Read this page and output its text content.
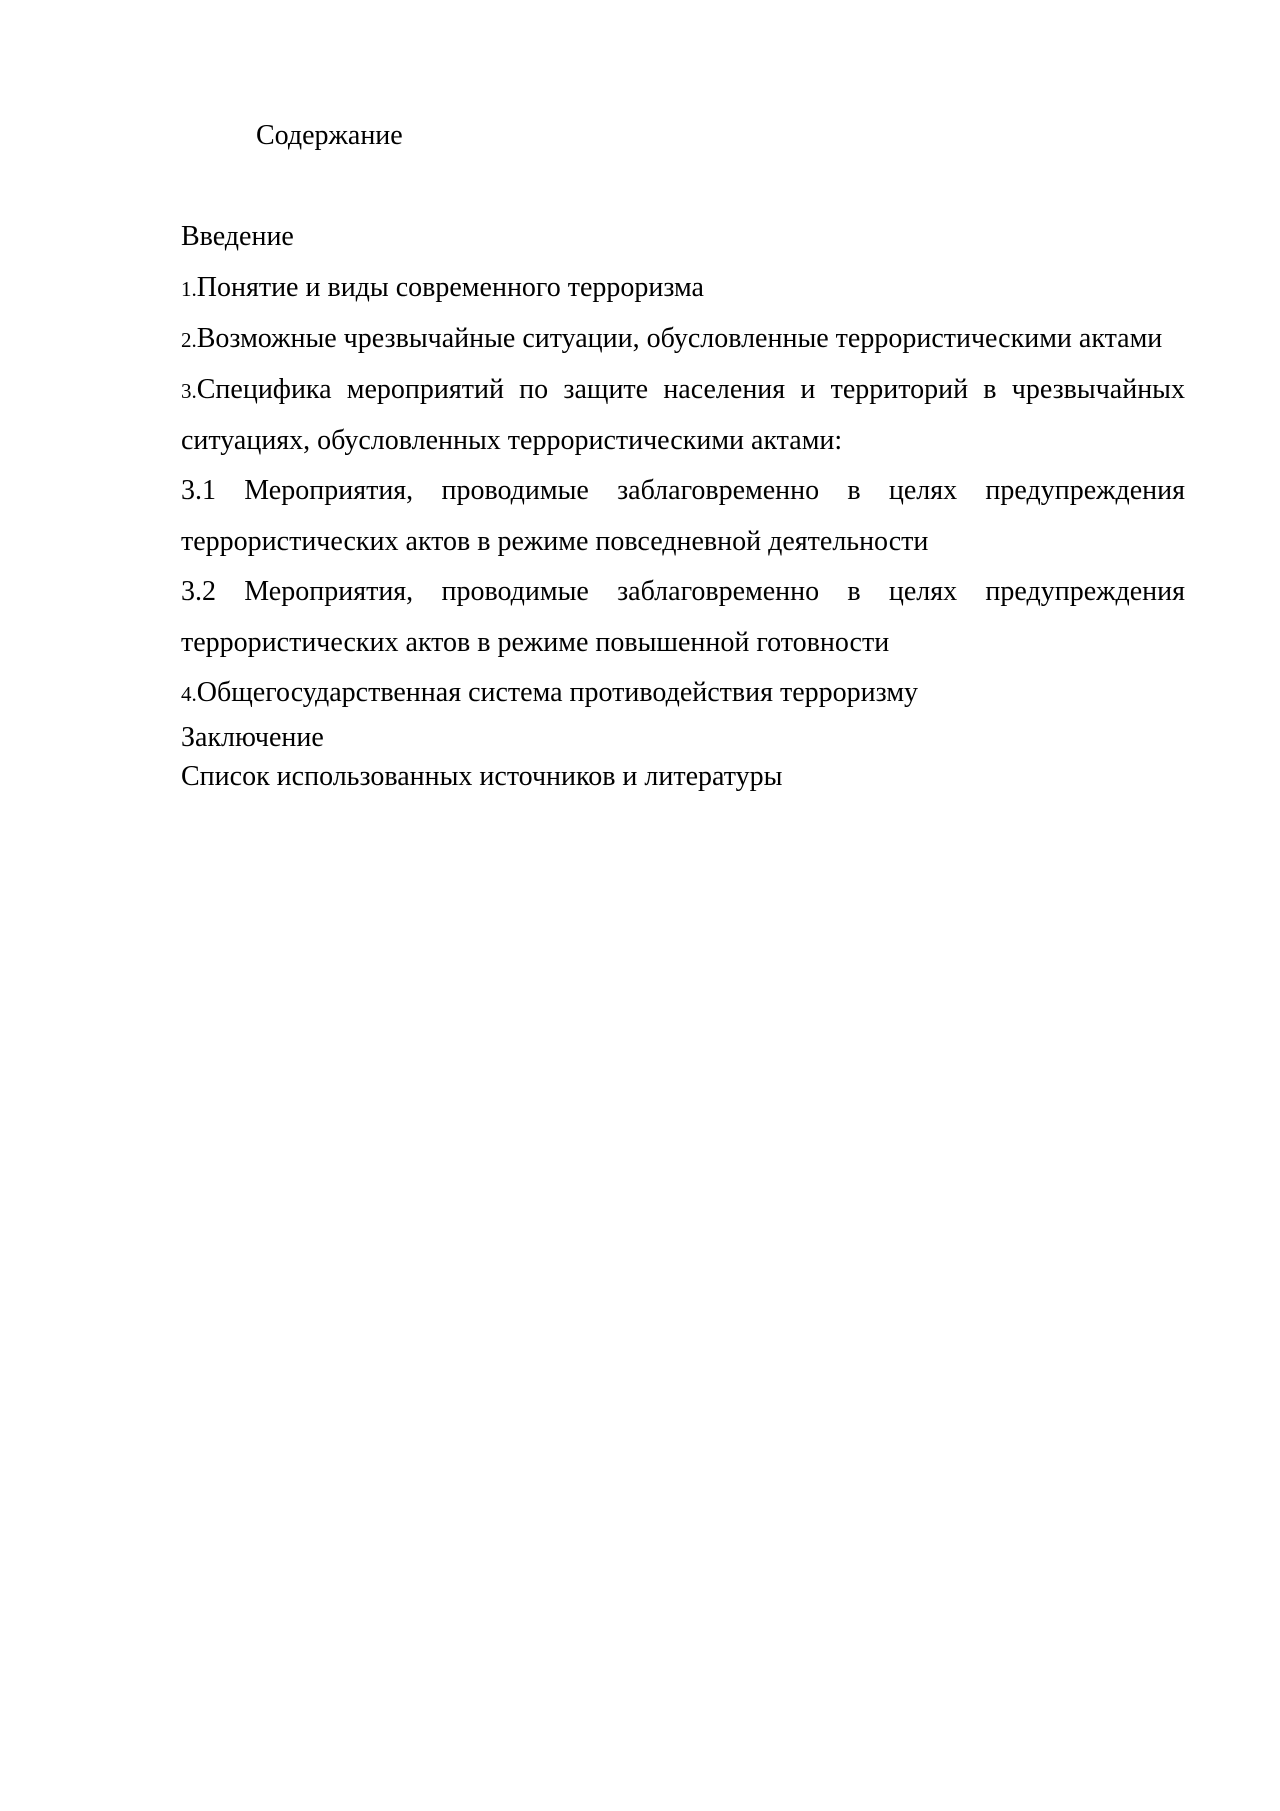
Содержание
Введение
1.Понятие и виды современного терроризма
2.Возможные чрезвычайные ситуации, обусловленные террористическими актами
3.Специфика мероприятий по защите населения и территорий в чрезвычайных ситуациях, обусловленных террористическими актами:
3.1 Мероприятия, проводимые заблаговременно в целях предупреждения террористических актов в режиме повседневной деятельности
3.2 Мероприятия, проводимые заблаговременно в целях предупреждения террористических актов в режиме повышенной готовности
4.Общегосударственная система противодействия терроризму
Заключение
Список использованных источников и литературы
